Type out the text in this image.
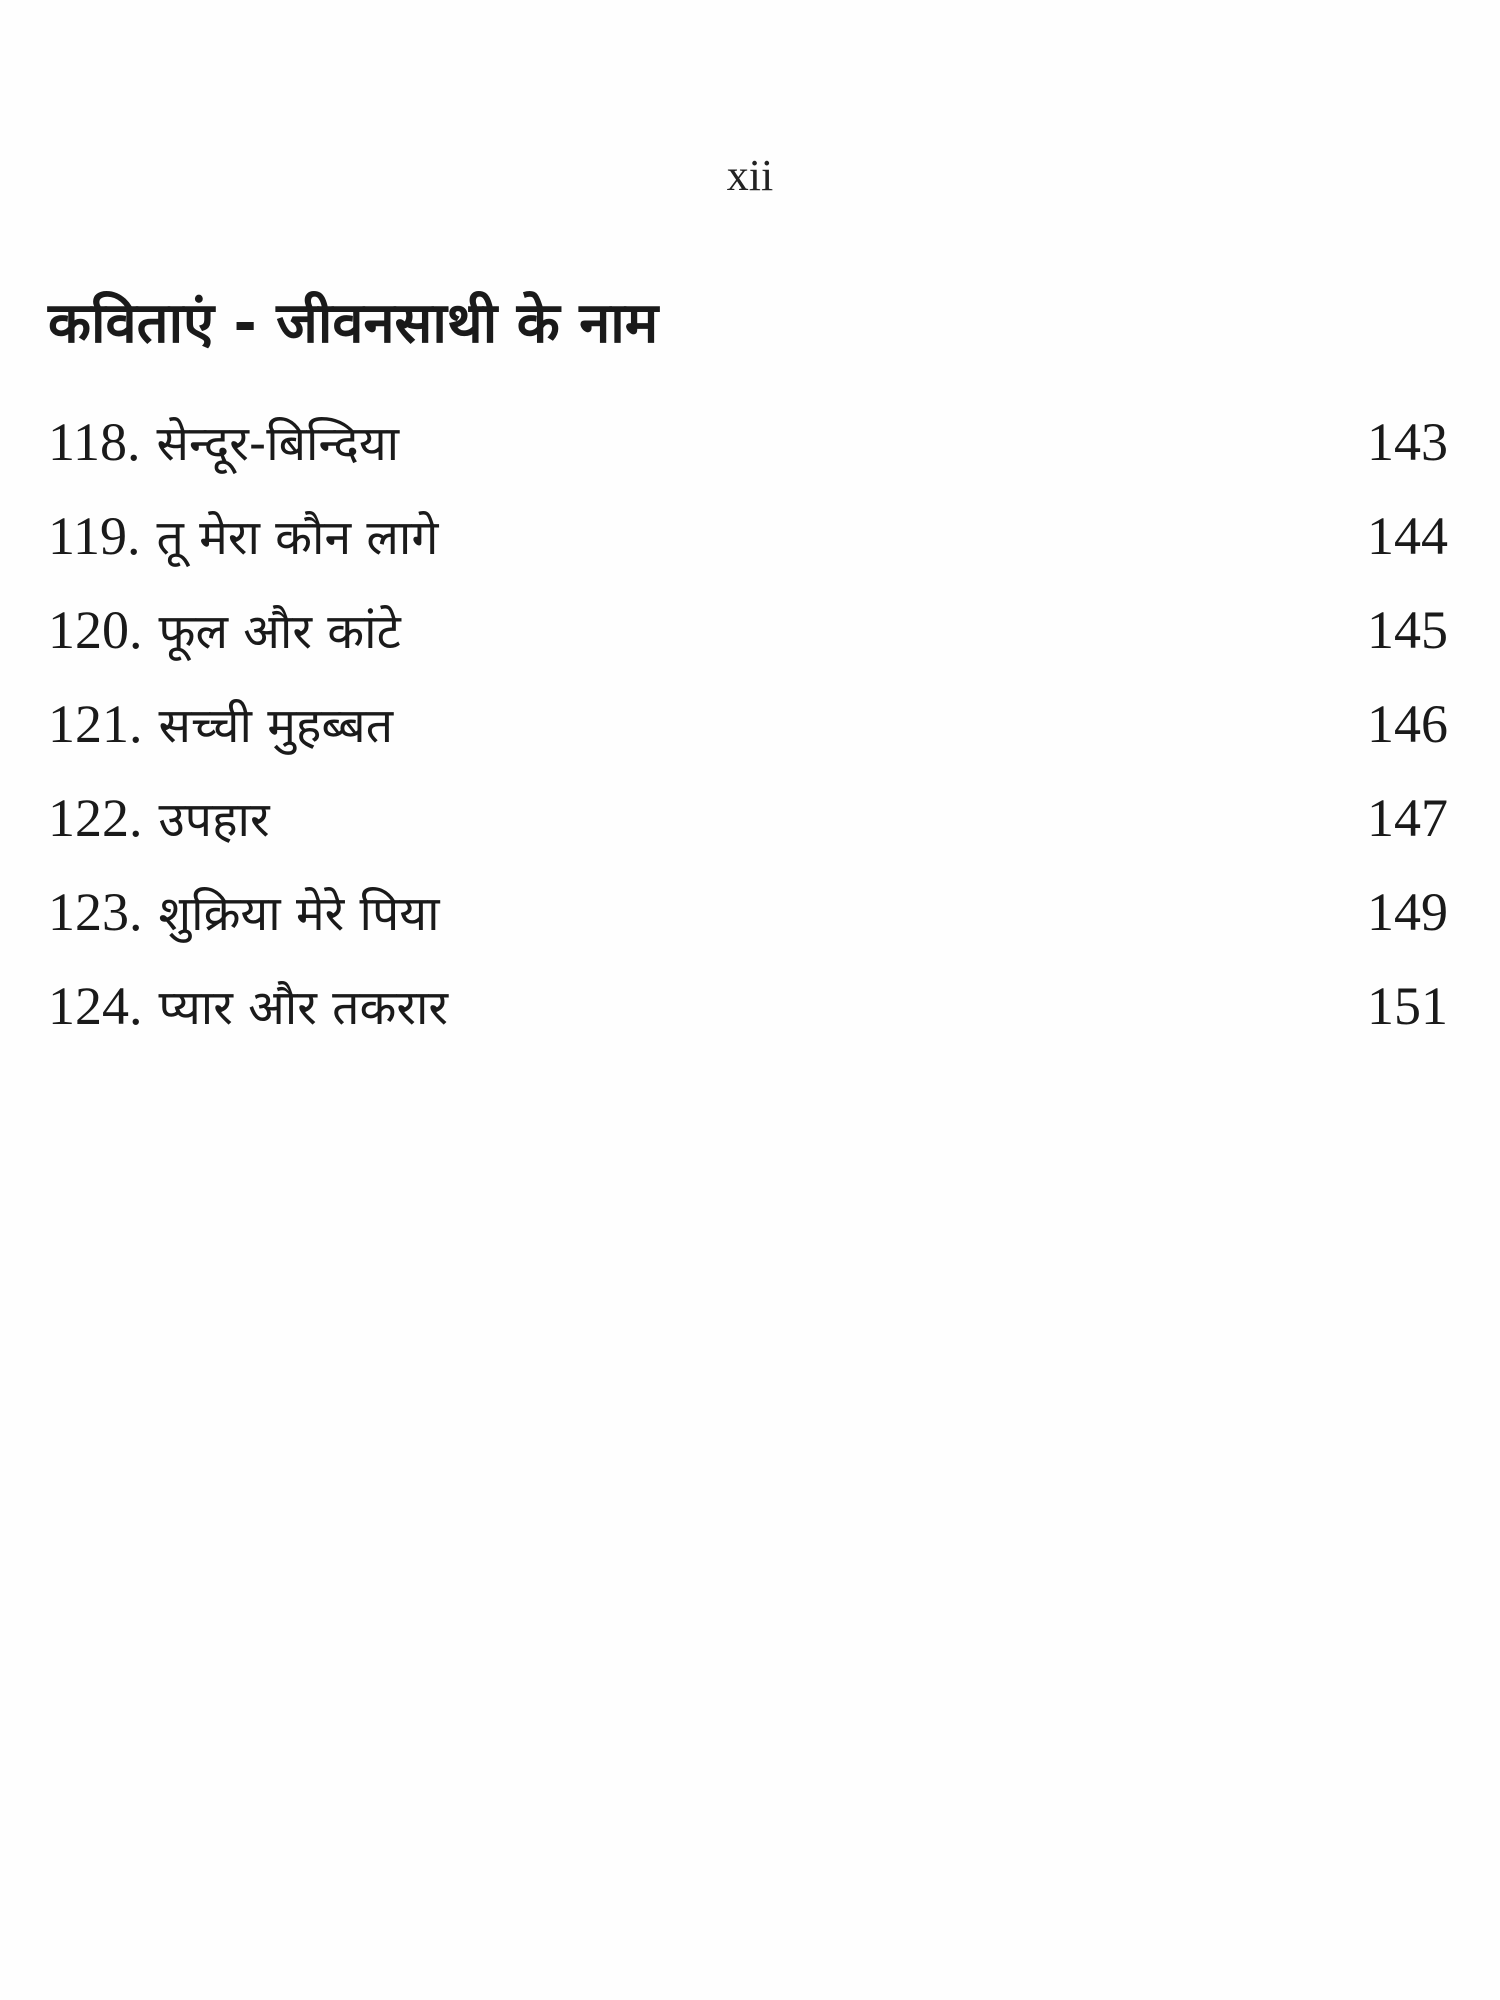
xii
कविताएं - जीवनसाथी के नाम
118. सेन्दूर-बिन्दिया	143
119. तू मेरा कौन लागे	144
120. फूल और कांटे	145
121. सच्ची मुहब्बत	146
122. उपहार	147
123. शुक्रिया मेरे पिया	149
124. प्यार और तकरार	151
